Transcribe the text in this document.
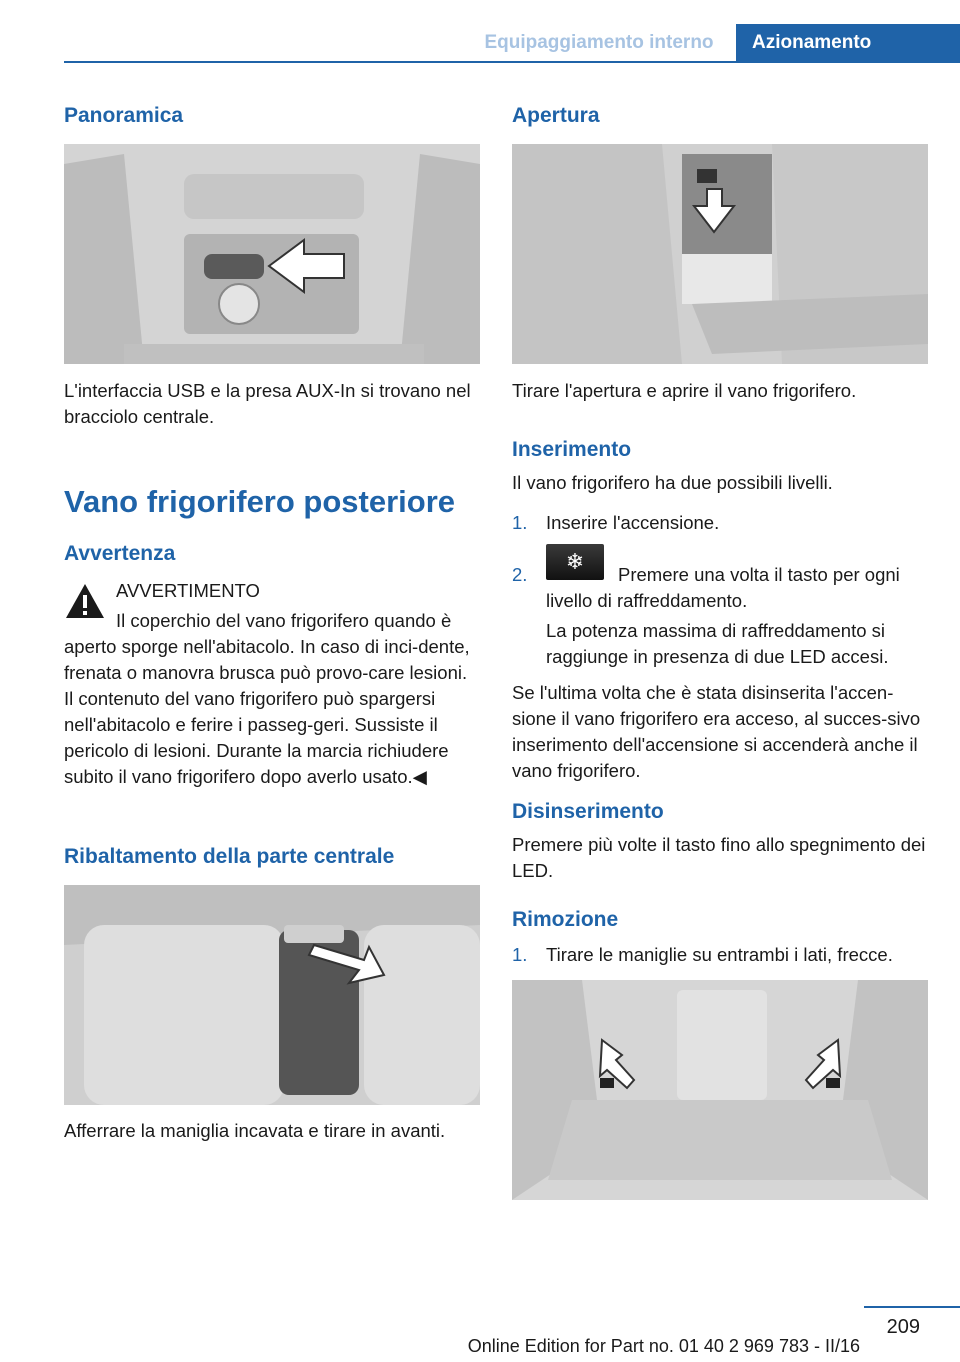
Equipaggiamento interno	Azionamento
Panoramica
L'interfaccia USB e la presa AUX-In si trovano nel bracciolo centrale.
Vano frigorifero posteriore
Avvertenza
AVVERTIMENTO
Il coperchio del vano frigorifero quando è
aperto sporge nell'abitacolo. In caso di inci-dente, frenata o manovra brusca può provo-care lesioni. Il contenuto del vano frigorifero può spargersi nell'abitacolo e ferire i passeg-geri. Sussiste il pericolo di lesioni. Durante la marcia richiudere subito il vano frigorifero dopo averlo usato.◀
Ribaltamento della parte centrale
Afferrare la maniglia incavata e tirare in avanti.
Apertura
Tirare l'apertura e aprire il vano frigorifero.
Inserimento
Il vano frigorifero ha due possibili livelli.
1. Inserire l'accensione.
2.
❄
Premere una volta il tasto per ogni livello di raffreddamento.
La potenza massima di raffreddamento si raggiunge in presenza di due LED accesi.
Se l'ultima volta che è stata disinserita l'accen-sione il vano frigorifero era acceso, al succes-sivo inserimento dell'accensione si accenderà anche il vano frigorifero.
Disinserimento
Premere più volte il tasto fino allo spegnimento dei LED.
Rimozione
1. Tirare le maniglie su entrambi i lati, frecce.
209
Online Edition for Part no. 01 40 2 969 783 - II/16
